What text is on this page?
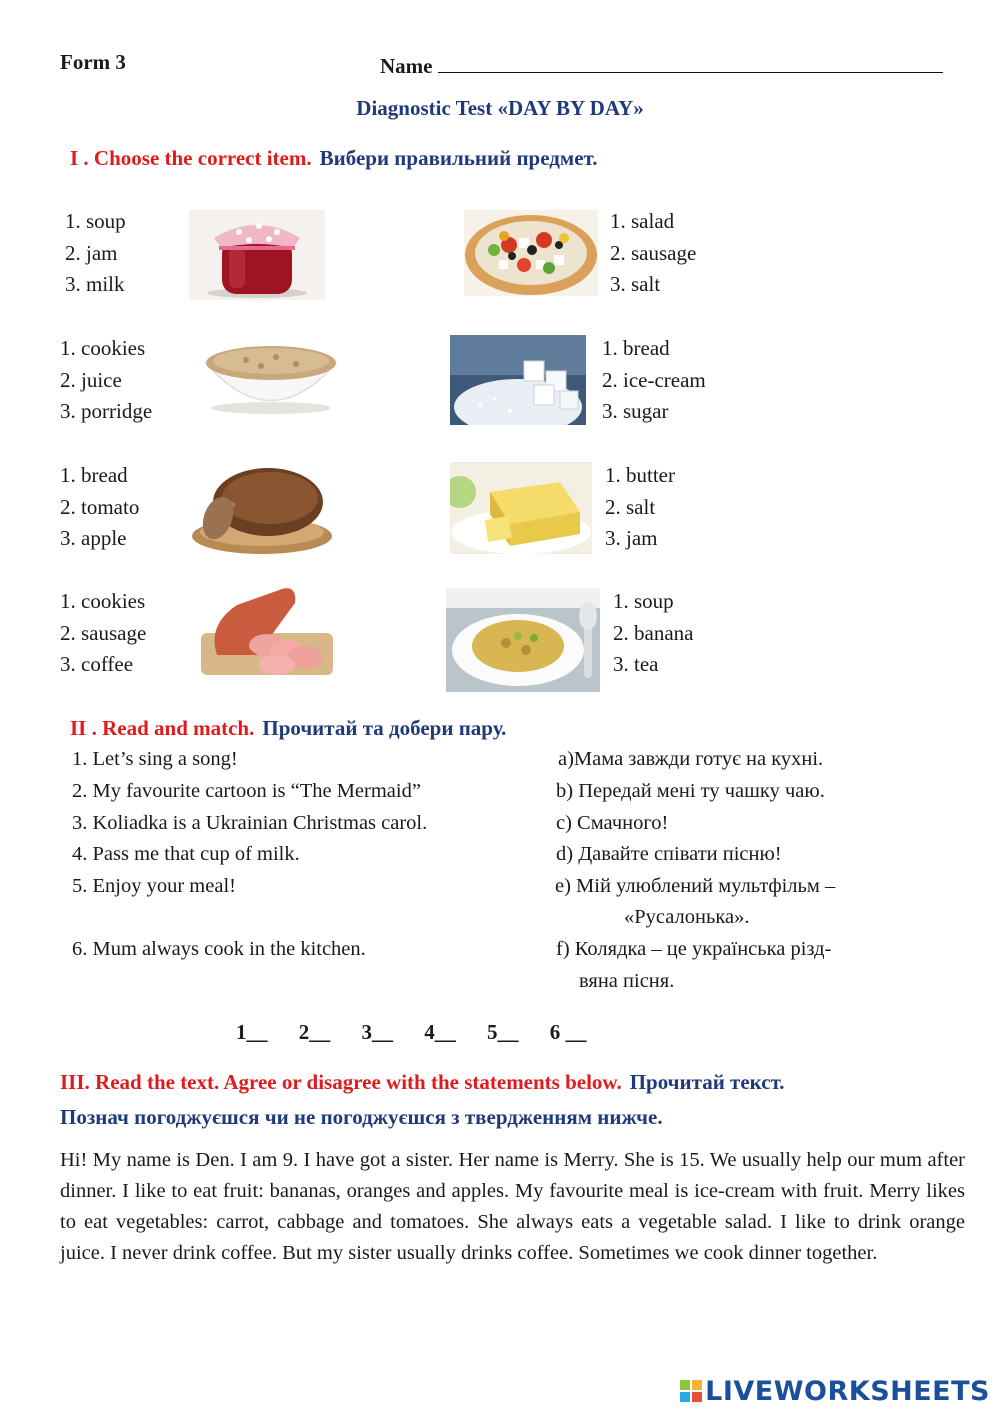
Form 3	Name
Diagnostic Test «DAY BY DAY»
I . Choose the correct item. Вибери правильний предмет.
1. soup
2. jam
3. milk
1. salad
2. sausage
3. salt
1. cookies
2. juice
3. porridge
1. bread
2. ice-cream
3. sugar
1. bread
2. tomato
3. apple
1. butter
2. salt
3. jam
1. cookies
2. sausage
3. coffee
1. soup
2. banana
3. tea
II . Read and match. Прочитай та добери пару.
1. Let’s sing a song!
2. My favourite cartoon is “The Mermaid”
3. Koliadka is a Ukrainian Christmas carol.
4. Pass me that cup of milk.
5. Enjoy your meal!
6. Mum always cook in the kitchen.
a)Мама завжди готує на кухні.
b) Передай мені ту чашку чаю.
c) Смачного!
d) Давайте співати пісню!
e) Мій улюблений мультфільм –
«Русалонька».
f) Колядка – це українська різд-
вяна пісня.
1__ 2__ 3__ 4__ 5__ 6 __
III. Read the text. Agree or disagree with the statements below. Прочитай текст.
Познач погоджуєшся чи не погоджуєшся з твердженням нижче.
Hi! My name is Den. I am 9. I have got a sister. Her name is Merry. She is 15. We usually help our mum after dinner. I like to eat fruit: bananas, oranges and apples. My favourite meal is ice-cream with fruit. Merry likes to eat vegetables: carrot, cabbage and tomatoes. She always eats a vegetable salad. I like to drink orange juice. I never drink coffee. But my sister usually drinks coffee. Sometimes we cook dinner together.
LIVEWORKSHEETS
